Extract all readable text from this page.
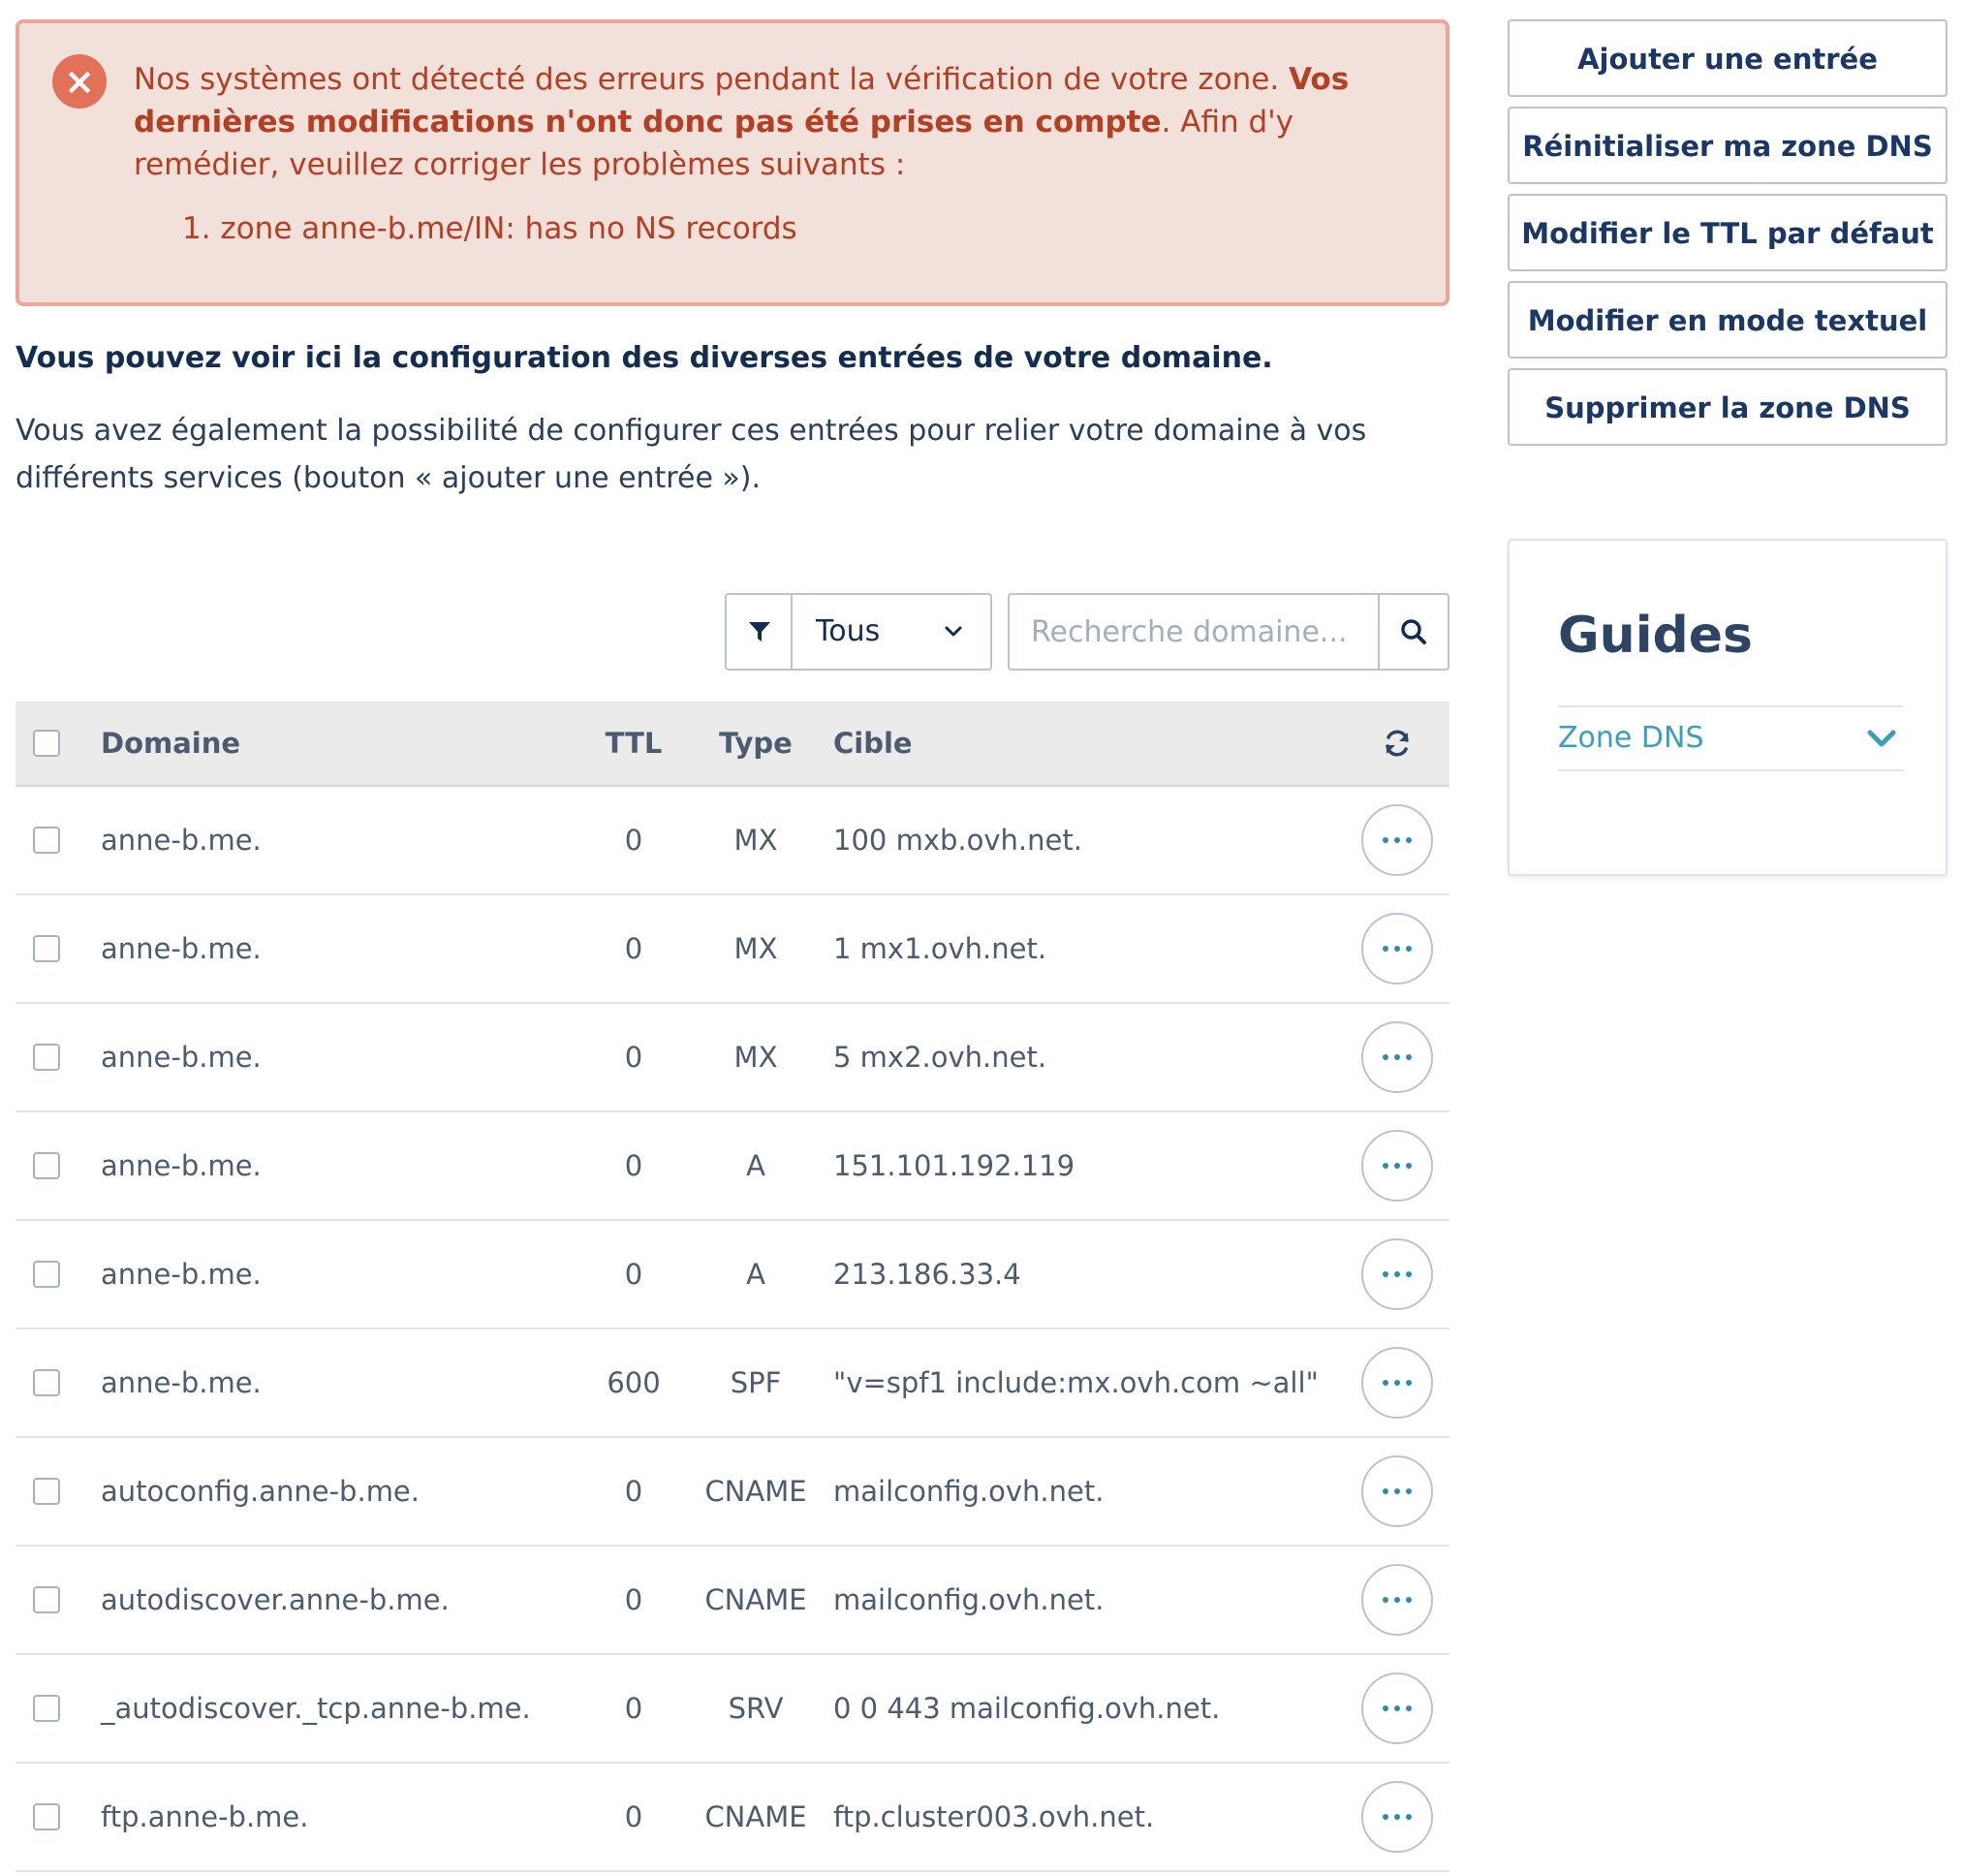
×	Nos systèmes ont détecté des erreurs pendant la vérification de votre zone. Vos dernières modifications n'ont donc pas été prises en compte. Afin d'y remédier, veuillez corriger les problèmes suivants :
1. zone anne-b.me/IN: has no NS records
Vous pouvez voir ici la configuration des diverses entrées de votre domaine.
Vous avez également la possibilité de configurer ces entrées pour relier votre domaine à vos différents services (bouton « ajouter une entrée »).
Ajouter une entrée
Réinitialiser ma zone DNS
Modifier le TTL par défaut
Modifier en mode textuel
Supprimer la zone DNS
Guides
Zone DNS
Tous
Recherche domaine...
Domaine	TTL	Type	Cible
anne-b.me.	0	MX	100 mxb.ovh.net.
anne-b.me.	0	MX	1 mx1.ovh.net.
anne-b.me.	0	MX	5 mx2.ovh.net.
anne-b.me.	0	A	151.101.192.119
anne-b.me.	0	A	213.186.33.4
anne-b.me.	600	SPF	"v=spf1 include:mx.ovh.com ~all"
autoconfig.anne-b.me.	0	CNAME mailconfig.ovh.net.
autodiscover.anne-b.me.	0	CNAME mailconfig.ovh.net.
_autodiscover._tcp.anne-b.me.	0	SRV	0 0 443 mailconfig.ovh.net.
ftp.anne-b.me.	0	CNAME ftp.cluster003.ovh.net.
